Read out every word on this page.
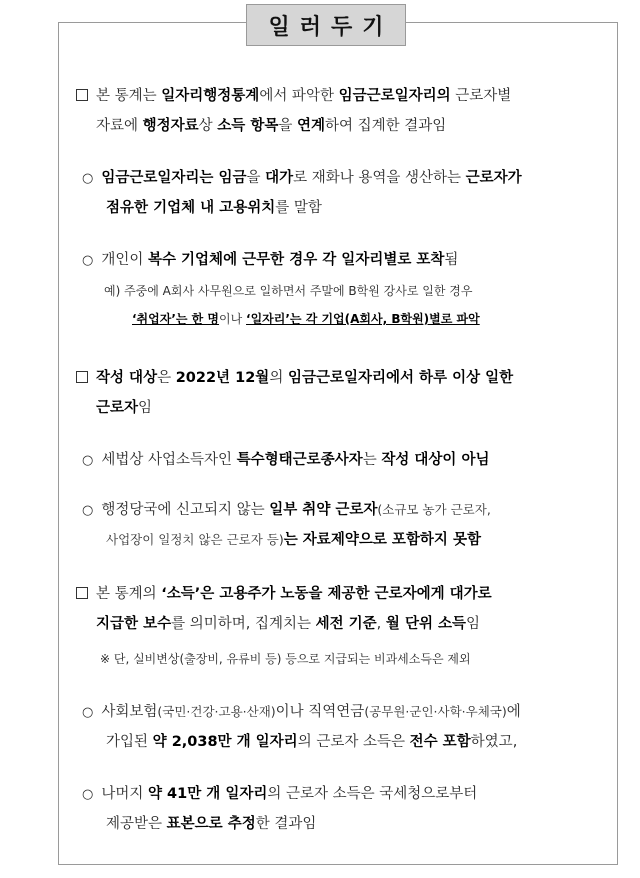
일러두기
본 통계는 일자리행정통계에서 파악한 임금근로일자리의 근로자별
자료에 행정자료상 소득 항목을 연계하여 집계한 결과임
○ 임금근로일자리는 임금을 대가로 재화나 용역을 생산하는 근로자가
점유한 기업체 내 고용위치를 말함
○ 개인이 복수 기업체에 근무한 경우 각 일자리별로 포착됨
예) 주중에 A회사 사무원으로 일하면서 주말에 B학원 강사로 일한 경우
‘취업자’는 한 명이나 ‘일자리’는 각 기업(A회사, B학원)별로 파악
작성 대상은 2022년 12월의 임금근로일자리에서 하루 이상 일한
근로자임
○ 세법상 사업소득자인 특수형태근로종사자는 작성 대상이 아님
○ 행정당국에 신고되지 않는 일부 취약 근로자(소규모 농가 근로자,
사업장이 일정치 않은 근로자 등)는 자료제약으로 포함하지 못함
본 통계의 ‘소득’은 고용주가 노동을 제공한 근로자에게 대가로
지급한 보수를 의미하며, 집계치는 세전 기준, 월 단위 소득임
※ 단, 실비변상(출장비, 유류비 등) 등으로 지급되는 비과세소득은 제외
○ 사회보험(국민·건강·고용·산재)이나 직역연금(공무원·군인·사학·우체국)에
가입된 약 2,038만 개 일자리의 근로자 소득은 전수 포함하였고,
○ 나머지 약 41만 개 일자리의 근로자 소득은 국세청으로부터
제공받은 표본으로 추정한 결과임
